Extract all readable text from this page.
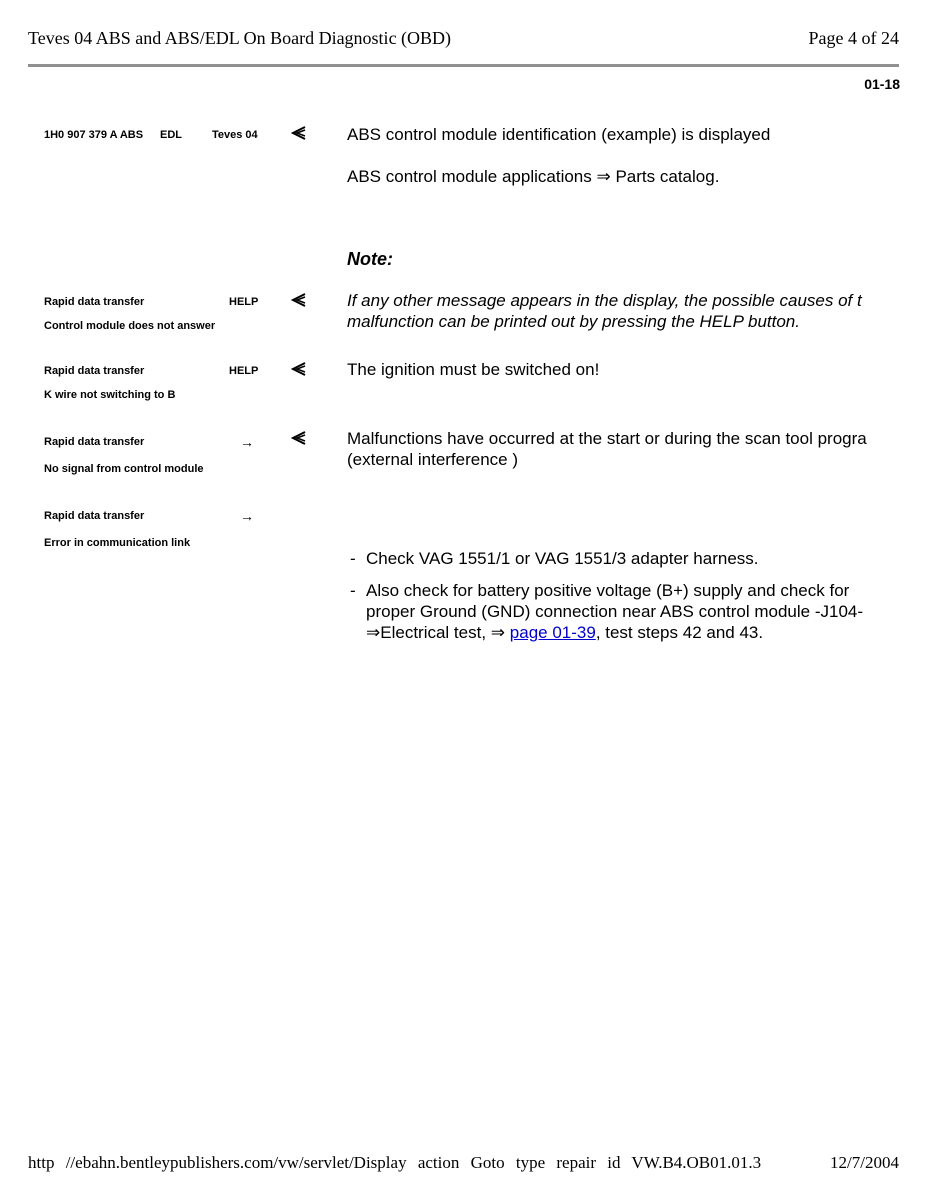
Teves 04 ABS and ABS/EDL On Board Diagnostic (OBD)	Page 4 of 24
01-18
1H0 907 379 A ABS EDL	Teves 04
Rapid data transfer	HELP
Control module does not answer
Rapid data transfer	HELP
K wire not switching to B
Rapid data transfer	→
No signal from control module
Rapid data transfer	→
Error in communication link
ABS control module identification (example) is displayed
ABS control module applications ⇒ Parts catalog.
Note:
If any other message appears in the display, the possible causes of t
malfunction can be printed out by pressing the HELP button.
The ignition must be switched on!
Malfunctions have occurred at the start or during the scan tool progra
(external interference )
- Check VAG 1551/1 or VAG 1551/3 adapter harness.
- Also check for battery positive voltage (B+) supply and check for
proper Ground (GND) connection near ABS control module -J104-
⇒Electrical test, ⇒ page 01-39, test steps 42 and 43.
http //ebahn.bentleypublishers.com/vw/servlet/Display action Goto type repair id VW.B4.OB01.01.3	12/7/2004
